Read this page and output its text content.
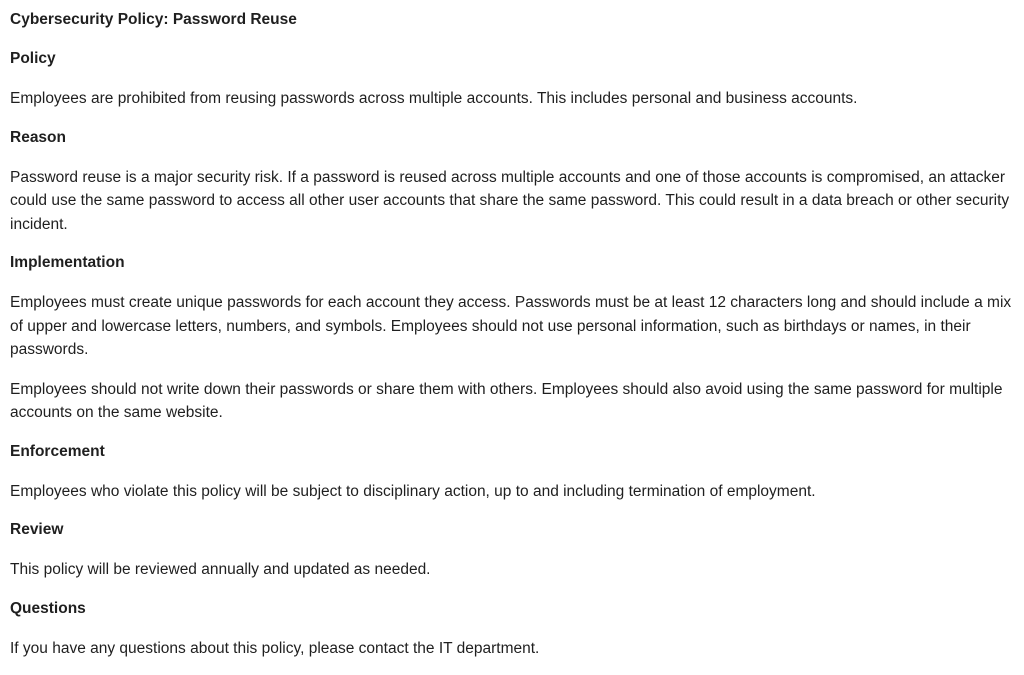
Cybersecurity Policy: Password Reuse
Policy
Employees are prohibited from reusing passwords across multiple accounts. This includes personal and business accounts.
Reason
Password reuse is a major security risk. If a password is reused across multiple accounts and one of those accounts is compromised, an attacker could use the same password to access all other user accounts that share the same password. This could result in a data breach or other security incident.
Implementation
Employees must create unique passwords for each account they access. Passwords must be at least 12 characters long and should include a mix of upper and lowercase letters, numbers, and symbols. Employees should not use personal information, such as birthdays or names, in their passwords.
Employees should not write down their passwords or share them with others. Employees should also avoid using the same password for multiple accounts on the same website.
Enforcement
Employees who violate this policy will be subject to disciplinary action, up to and including termination of employment.
Review
This policy will be reviewed annually and updated as needed.
Questions
If you have any questions about this policy, please contact the IT department.
